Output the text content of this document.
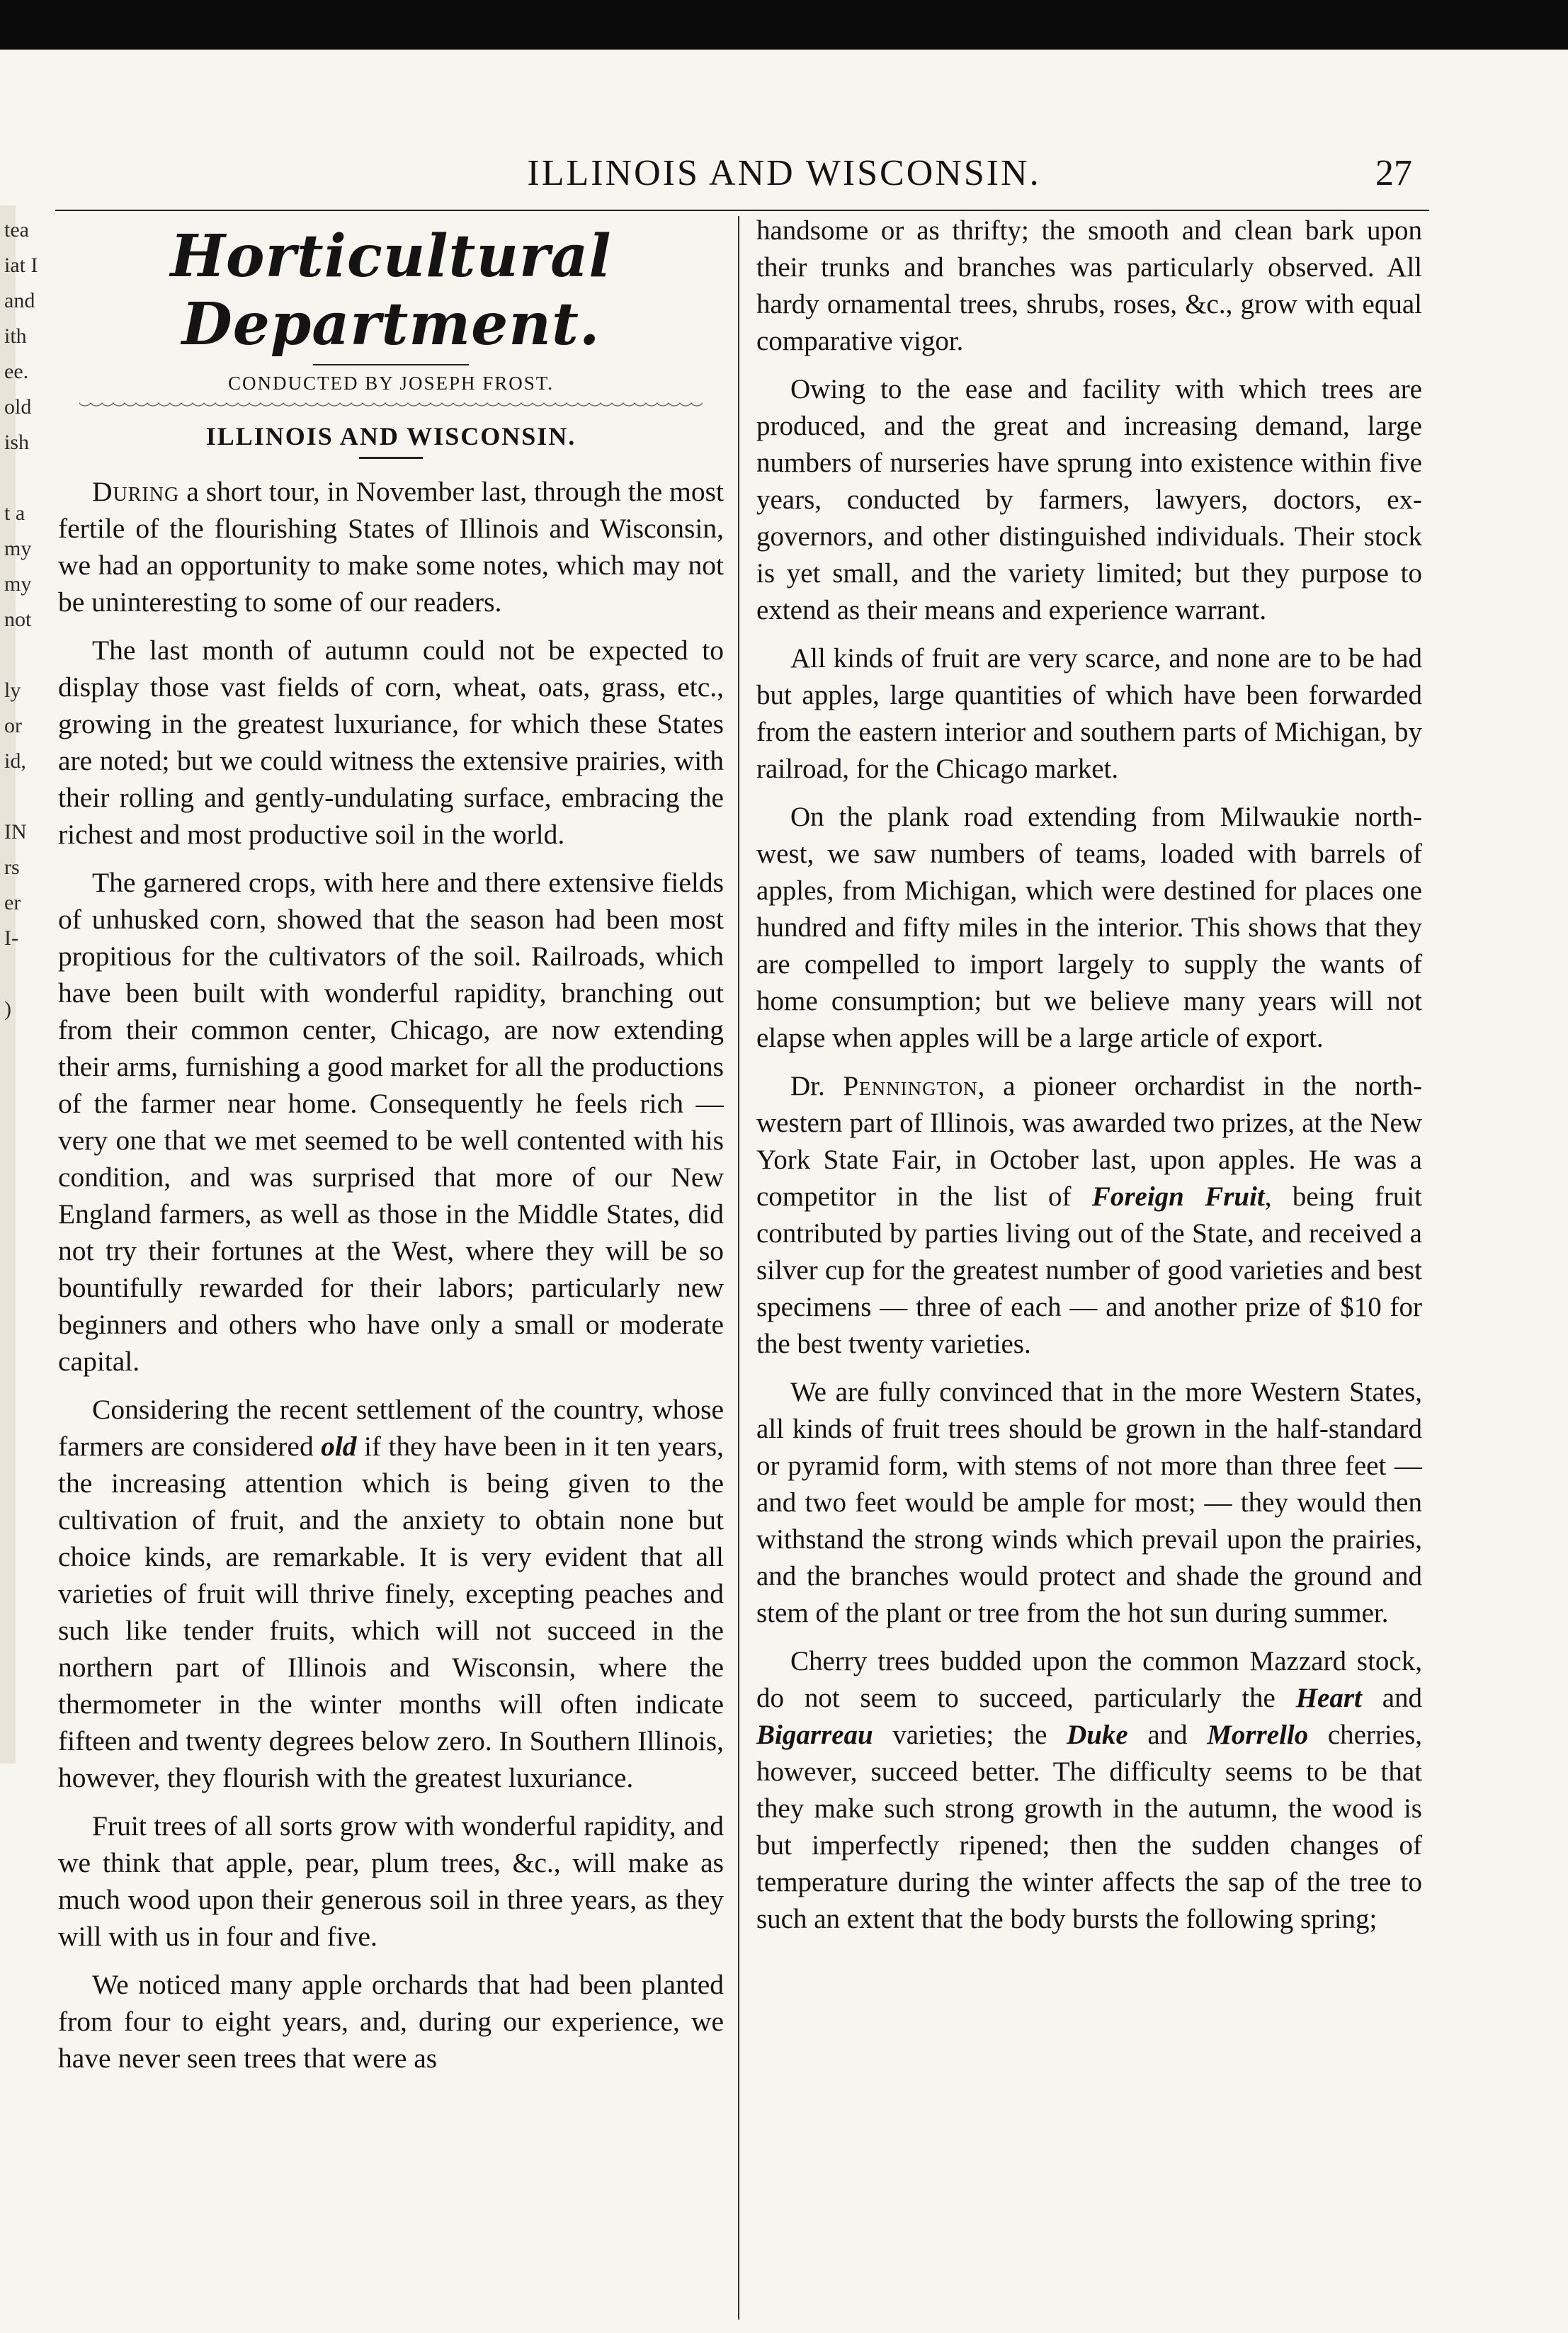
tea
iat I
and
ith
ee.
old
ish

t a
my
my
not

ly
or
id,

IN
rs
er
I-

)
ILLINOIS AND WISCONSIN.	27
Horticultural Department.
CONDUCTED BY JOSEPH FROST.
ILLINOIS AND WISCONSIN.

During a short tour, in November last, through the most fertile of the flourishing States of Illinois and Wisconsin, we had an opportunity to make some notes, which may not be uninteresting to some of our readers.

The last month of autumn could not be expected to display those vast fields of corn, wheat, oats, grass, etc., growing in the greatest luxuriance, for which these States are noted; but we could witness the extensive prairies, with their rolling and gently-undulating surface, embracing the richest and most productive soil in the world.

The garnered crops, with here and there extensive fields of unhusked corn, showed that the season had been most propitious for the cultivators of the soil. Railroads, which have been built with wonderful rapidity, branching out from their common center, Chicago, are now extending their arms, furnishing a good market for all the productions of the farmer near home. Consequently he feels rich — very one that we met seemed to be well contented with his condition, and was surprised that more of our New England farmers, as well as those in the Middle States, did not try their fortunes at the West, where they will be so bountifully rewarded for their labors; particularly new beginners and others who have only a small or moderate capital.

Considering the recent settlement of the country, whose farmers are considered old if they have been in it ten years, the increasing attention which is being given to the cultivation of fruit, and the anxiety to obtain none but choice kinds, are remarkable. It is very evident that all varieties of fruit will thrive finely, excepting peaches and such like tender fruits, which will not succeed in the northern part of Illinois and Wisconsin, where the thermometer in the winter months will often indicate fifteen and twenty degrees below zero. In Southern Illinois, however, they flourish with the greatest luxuriance.

Fruit trees of all sorts grow with wonderful rapidity, and we think that apple, pear, plum trees, &c., will make as much wood upon their generous soil in three years, as they will with us in four and five.

We noticed many apple orchards that had been planted from four to eight years, and, during our experience, we have never seen trees that were as

handsome or as thrifty; the smooth and clean bark upon their trunks and branches was particularly observed. All hardy ornamental trees, shrubs, roses, &c., grow with equal comparative vigor.

Owing to the ease and facility with which trees are produced, and the great and increasing demand, large numbers of nurseries have sprung into existence within five years, conducted by farmers, lawyers, doctors, ex-governors, and other distinguished individuals. Their stock is yet small, and the variety limited; but they purpose to extend as their means and experience warrant.

All kinds of fruit are very scarce, and none are to be had but apples, large quantities of which have been forwarded from the eastern interior and southern parts of Michigan, by railroad, for the Chicago market.

On the plank road extending from Milwaukie north-west, we saw numbers of teams, loaded with barrels of apples, from Michigan, which were destined for places one hundred and fifty miles in the interior. This shows that they are compelled to import largely to supply the wants of home consumption; but we believe many years will not elapse when apples will be a large article of export.

Dr. Pennington, a pioneer orchardist in the north-western part of Illinois, was awarded two prizes, at the New York State Fair, in October last, upon apples. He was a competitor in the list of Foreign Fruit, being fruit contributed by parties living out of the State, and received a silver cup for the greatest number of good varieties and best specimens — three of each — and another prize of $10 for the best twenty varieties.

We are fully convinced that in the more Western States, all kinds of fruit trees should be grown in the half-standard or pyramid form, with stems of not more than three feet — and two feet would be ample for most; — they would then withstand the strong winds which prevail upon the prairies, and the branches would protect and shade the ground and stem of the plant or tree from the hot sun during summer.

Cherry trees budded upon the common Mazzard stock, do not seem to succeed, particularly the Heart and Bigarreau varieties; the Duke and Morrello cherries, however, succeed better. The difficulty seems to be that they make such strong growth in the autumn, the wood is but imperfectly ripened; then the sudden changes of temperature during the winter affects the sap of the tree to such an extent that the body bursts the following spring;
